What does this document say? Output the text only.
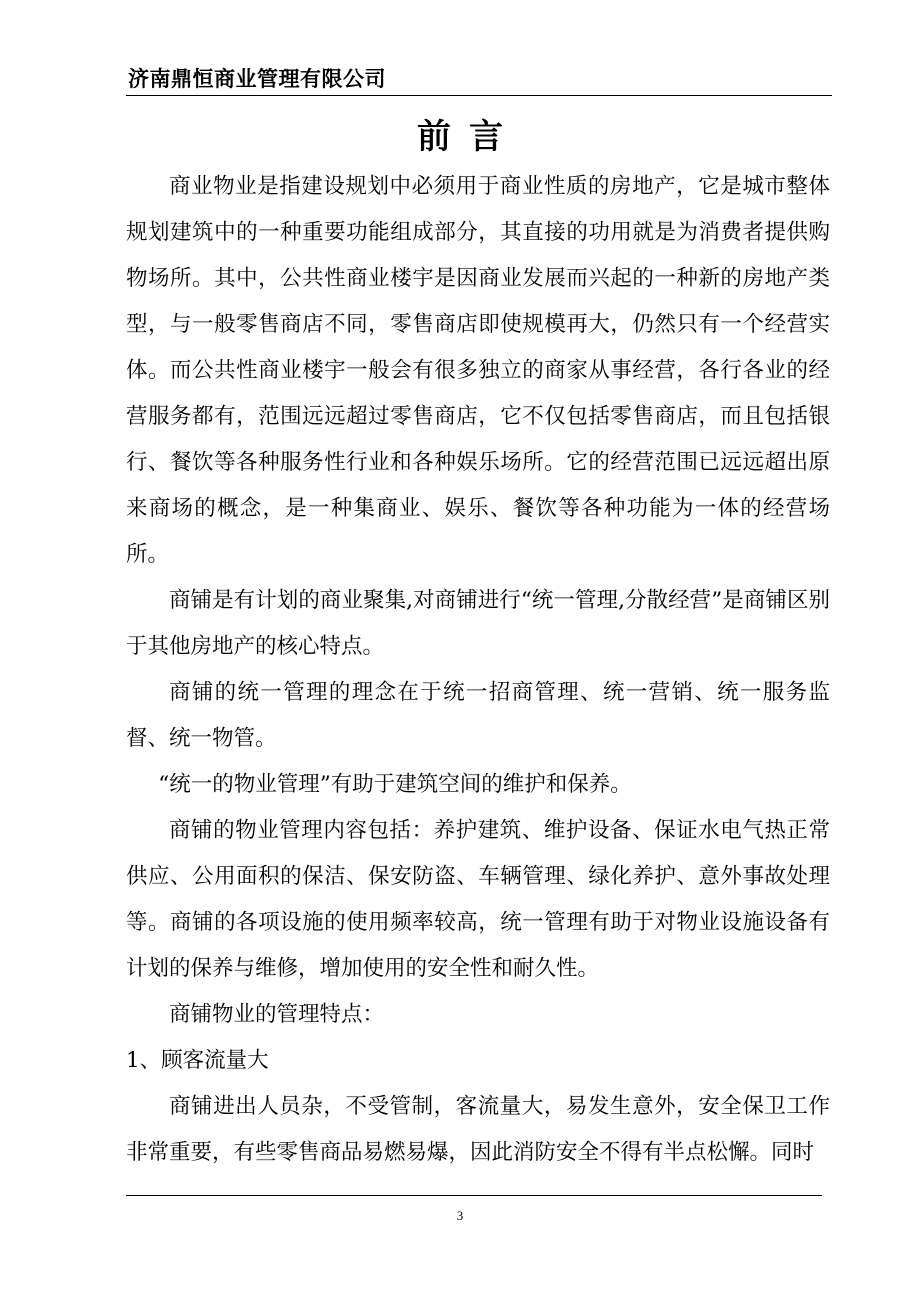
济南鼎恒商业管理有限公司
前言

商业物业是指建设规划中必须用于商业性质的房地产，它是城市整体规划建筑中的一种重要功能组成部分，其直接的功用就是为消费者提供购物场所。其中，公共性商业楼宇是因商业发展而兴起的一种新的房地产类型，与一般零售商店不同，零售商店即使规模再大，仍然只有一个经营实体。而公共性商业楼宇一般会有很多独立的商家从事经营，各行各业的经营服务都有，范围远远超过零售商店，它不仅包括零售商店，而且包括银行、餐饮等各种服务性行业和各种娱乐场所。它的经营范围已远远超出原来商场的概念，是一种集商业、娱乐、餐饮等各种功能为一体的经营场所。

商铺是有计划的商业聚集,对商铺进行“统一管理,分散经营”是商铺区别于其他房地产的核心特点。

商铺的统一管理的理念在于统一招商管理、统一营销、统一服务监督、统一物管。

“统一的物业管理”有助于建筑空间的维护和保养。

商铺的物业管理内容包括：养护建筑、维护设备、保证水电气热正常供应、公用面积的保洁、保安防盗、车辆管理、绿化养护、意外事故处理等。商铺的各项设施的使用频率较高，统一管理有助于对物业设施设备有计划的保养与维修，增加使用的安全性和耐久性。

商铺物业的管理特点：

1、顾客流量大

商铺进出人员杂，不受管制，客流量大，易发生意外，安全保卫工作非常重要，有些零售商品易燃易爆，因此消防安全不得有半点松懈。同时

3
